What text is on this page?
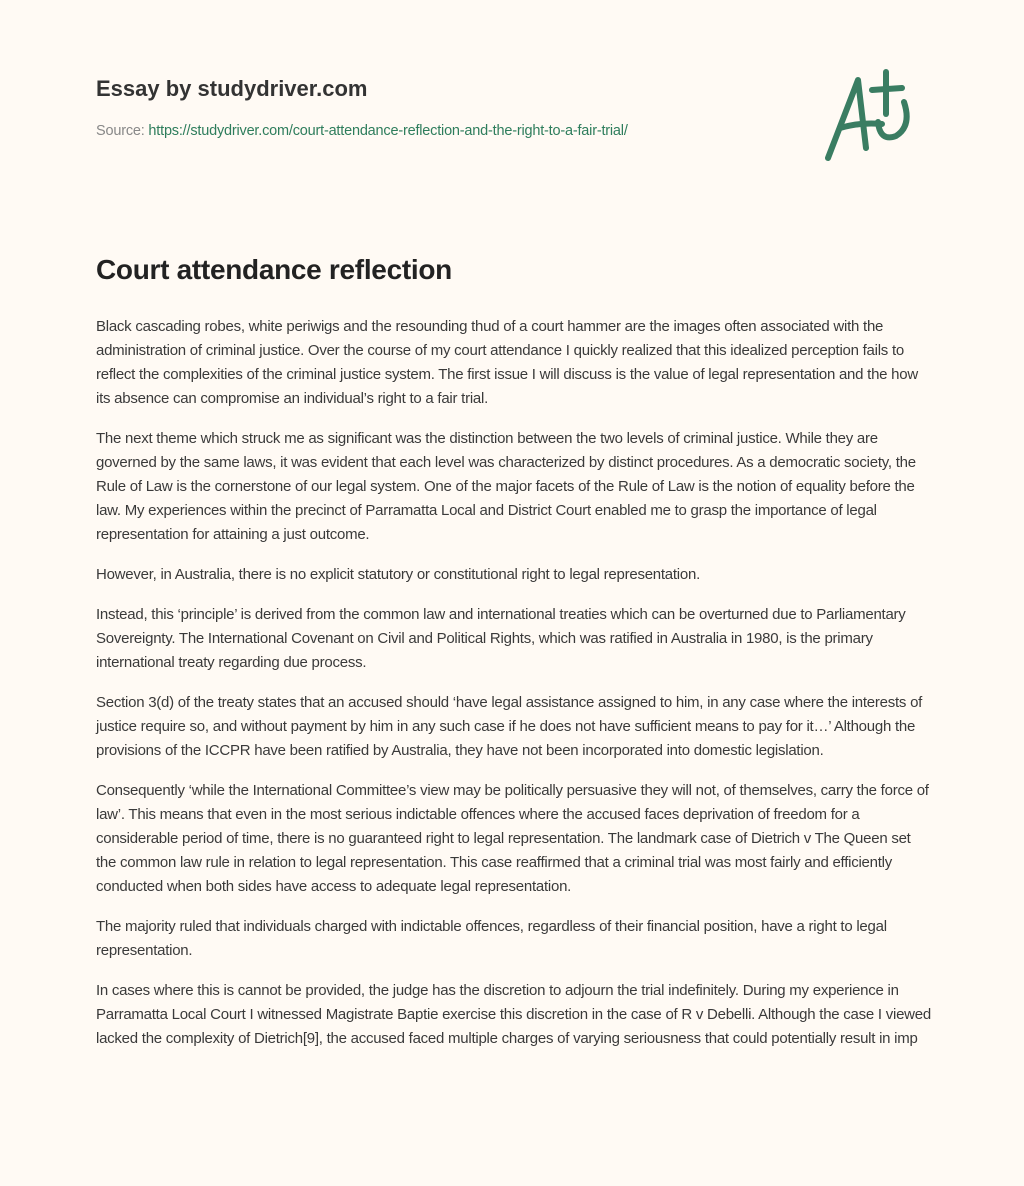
Essay by studydriver.com
Source: https://studydriver.com/court-attendance-reflection-and-the-right-to-a-fair-trial/
Court attendance reflection

Black cascading robes, white periwigs and the resounding thud of a court hammer are the images often associated with the administration of criminal justice. Over the course of my court attendance I quickly realized that this idealized perception fails to reflect the complexities of the criminal justice system. The first issue I will discuss is the value of legal representation and the how its absence can compromise an individual’s right to a fair trial.

The next theme which struck me as significant was the distinction between the two levels of criminal justice. While they are governed by the same laws, it was evident that each level was characterized by distinct procedures. As a democratic society, the Rule of Law is the cornerstone of our legal system. One of the major facets of the Rule of Law is the notion of equality before the law. My experiences within the precinct of Parramatta Local and District Court enabled me to grasp the importance of legal representation for attaining a just outcome.

However, in Australia, there is no explicit statutory or constitutional right to legal representation.

Instead, this ‘principle’ is derived from the common law and international treaties which can be overturned due to Parliamentary Sovereignty. The International Covenant on Civil and Political Rights, which was ratified in Australia in 1980, is the primary international treaty regarding due process.

Section 3(d) of the treaty states that an accused should ‘have legal assistance assigned to him, in any case where the interests of justice require so, and without payment by him in any such case if he does not have sufficient means to pay for it…’ Although the provisions of the ICCPR have been ratified by Australia, they have not been incorporated into domestic legislation.

Consequently ‘while the International Committee’s view may be politically persuasive they will not, of themselves, carry the force of law’. This means that even in the most serious indictable offences where the accused faces deprivation of freedom for a considerable period of time, there is no guaranteed right to legal representation. The landmark case of Dietrich v The Queen set the common law rule in relation to legal representation. This case reaffirmed that a criminal trial was most fairly and efficiently conducted when both sides have access to adequate legal representation.

The majority ruled that individuals charged with indictable offences, regardless of their financial position, have a right to legal representation.

In cases where this is cannot be provided, the judge has the discretion to adjourn the trial indefinitely. During my experience in Parramatta Local Court I witnessed Magistrate Baptie exercise this discretion in the case of R v Debelli. Although the case I viewed lacked the complexity of Dietrich[9], the accused faced multiple charges of varying seriousness that could potentially result in imp
